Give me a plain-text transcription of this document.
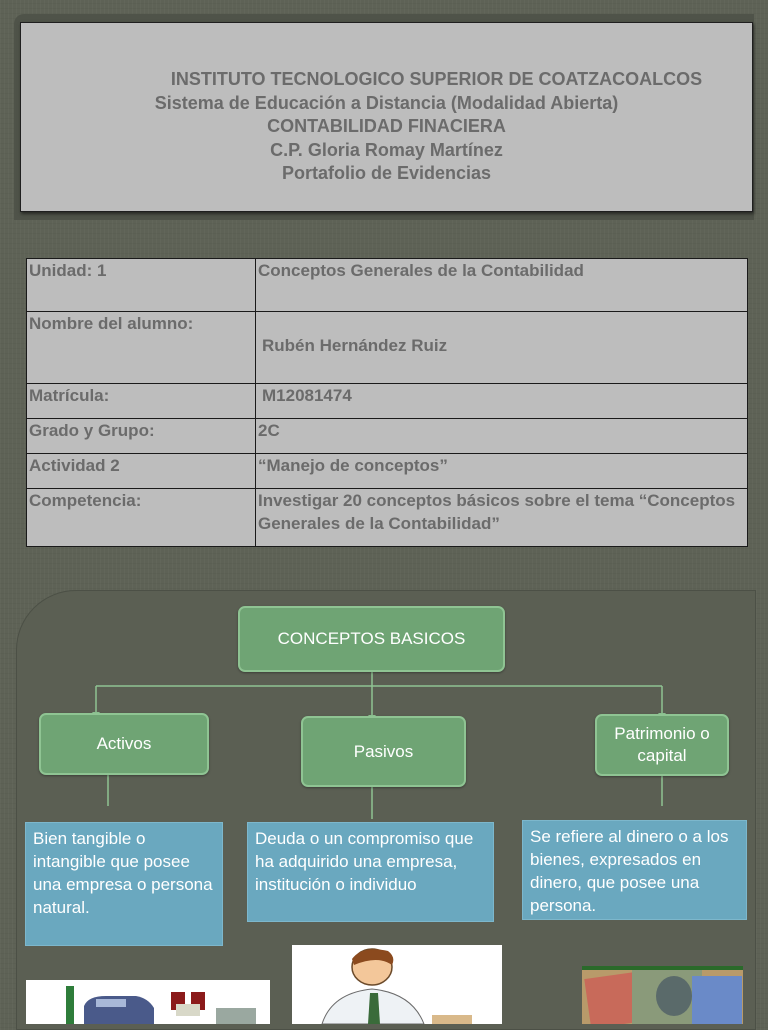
INSTITUTO TECNOLOGICO SUPERIOR DE COATZACOALCOS
Sistema de Educación a Distancia (Modalidad Abierta)
CONTABILIDAD FINACIERA
C.P. Gloria Romay Martínez
Portafolio de Evidencias
Unidad: 1	Conceptos Generales de la Contabilidad
Nombre del alumno:	Rubén Hernández Ruiz
Matrícula:	M12081474
Grado y Grupo:	2C
Actividad 2	“Manejo de conceptos”
Competencia:	Investigar 20 conceptos básicos sobre el tema “Conceptos Generales de la Contabilidad”
CONCEPTOS BASICOS
Activos	Pasivos
Patrimonio o capital
Bien tangible o intangible que posee una empresa o persona natural.
Deuda o un compromiso que ha adquirido una empresa, institución o individuo
Se refiere al dinero o a los bienes, expresados en dinero, que posee una persona.
